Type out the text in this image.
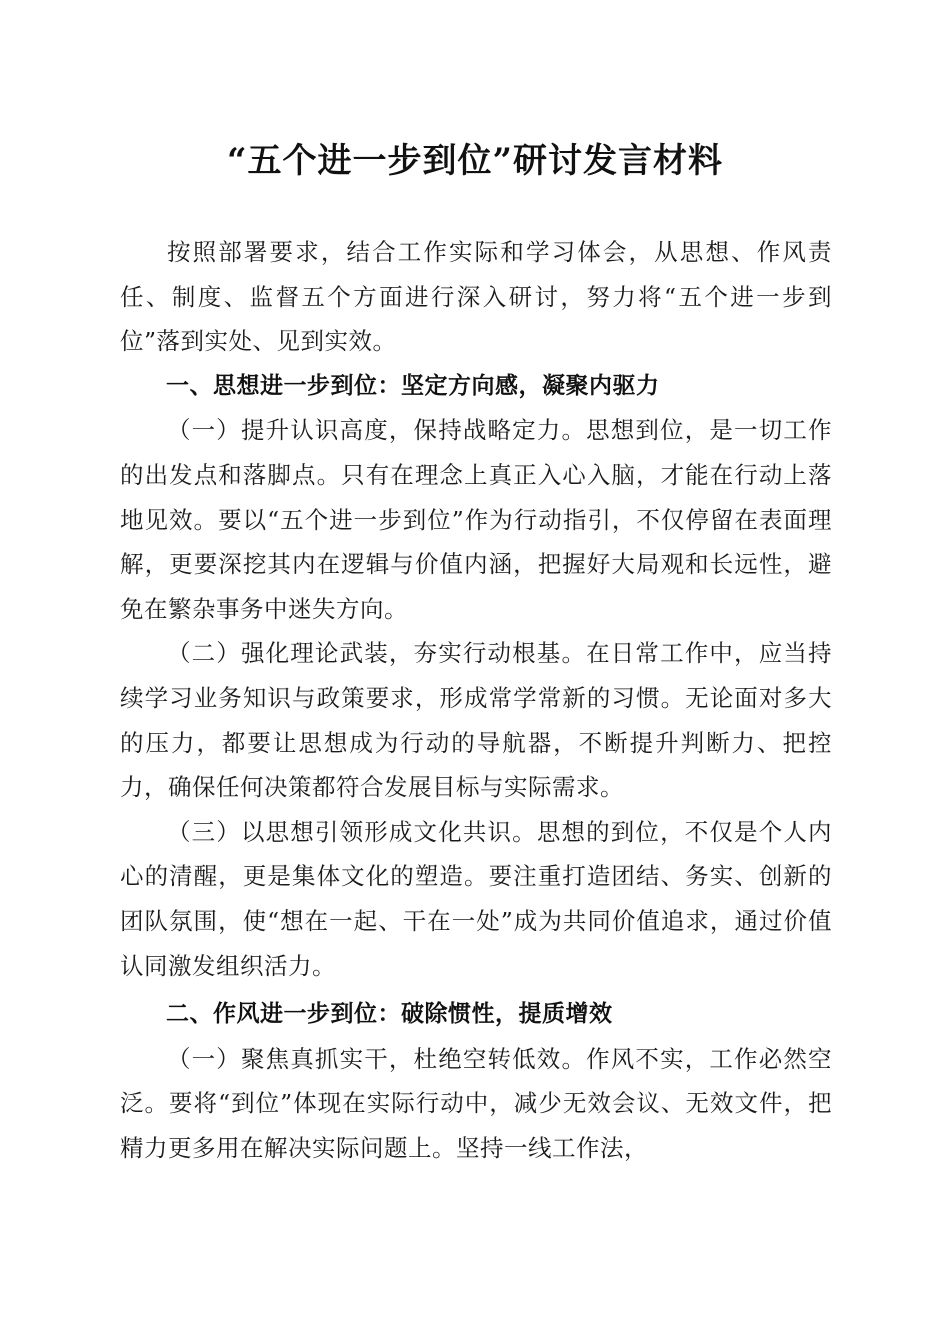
“五个进一步到位”研讨发言材料

按照部署要求，结合工作实际和学习体会，从思想、作风责任、制度、监督五个方面进行深入研讨，努力将“五个进一步到位”落到实处、见到实效。

一、思想进一步到位：坚定方向感，凝聚内驱力

（一）提升认识高度，保持战略定力。思想到位，是一切工作的出发点和落脚点。只有在理念上真正入心入脑，才能在行动上落地见效。要以“五个进一步到位”作为行动指引，不仅停留在表面理解，更要深挖其内在逻辑与价值内涵，把握好大局观和长远性，避免在繁杂事务中迷失方向。

（二）强化理论武装，夯实行动根基。在日常工作中，应当持续学习业务知识与政策要求，形成常学常新的习惯。无论面对多大的压力，都要让思想成为行动的导航器，不断提升判断力、把控力，确保任何决策都符合发展目标与实际需求。

（三）以思想引领形成文化共识。思想的到位，不仅是个人内心的清醒，更是集体文化的塑造。要注重打造团结、务实、创新的团队氛围，使“想在一起、干在一处”成为共同价值追求，通过价值认同激发组织活力。

二、作风进一步到位：破除惯性，提质增效

（一）聚焦真抓实干，杜绝空转低效。作风不实，工作必然空泛。要将“到位”体现在实际行动中，减少无效会议、无效文件，把精力更多用在解决实际问题上。坚持一线工作法，
